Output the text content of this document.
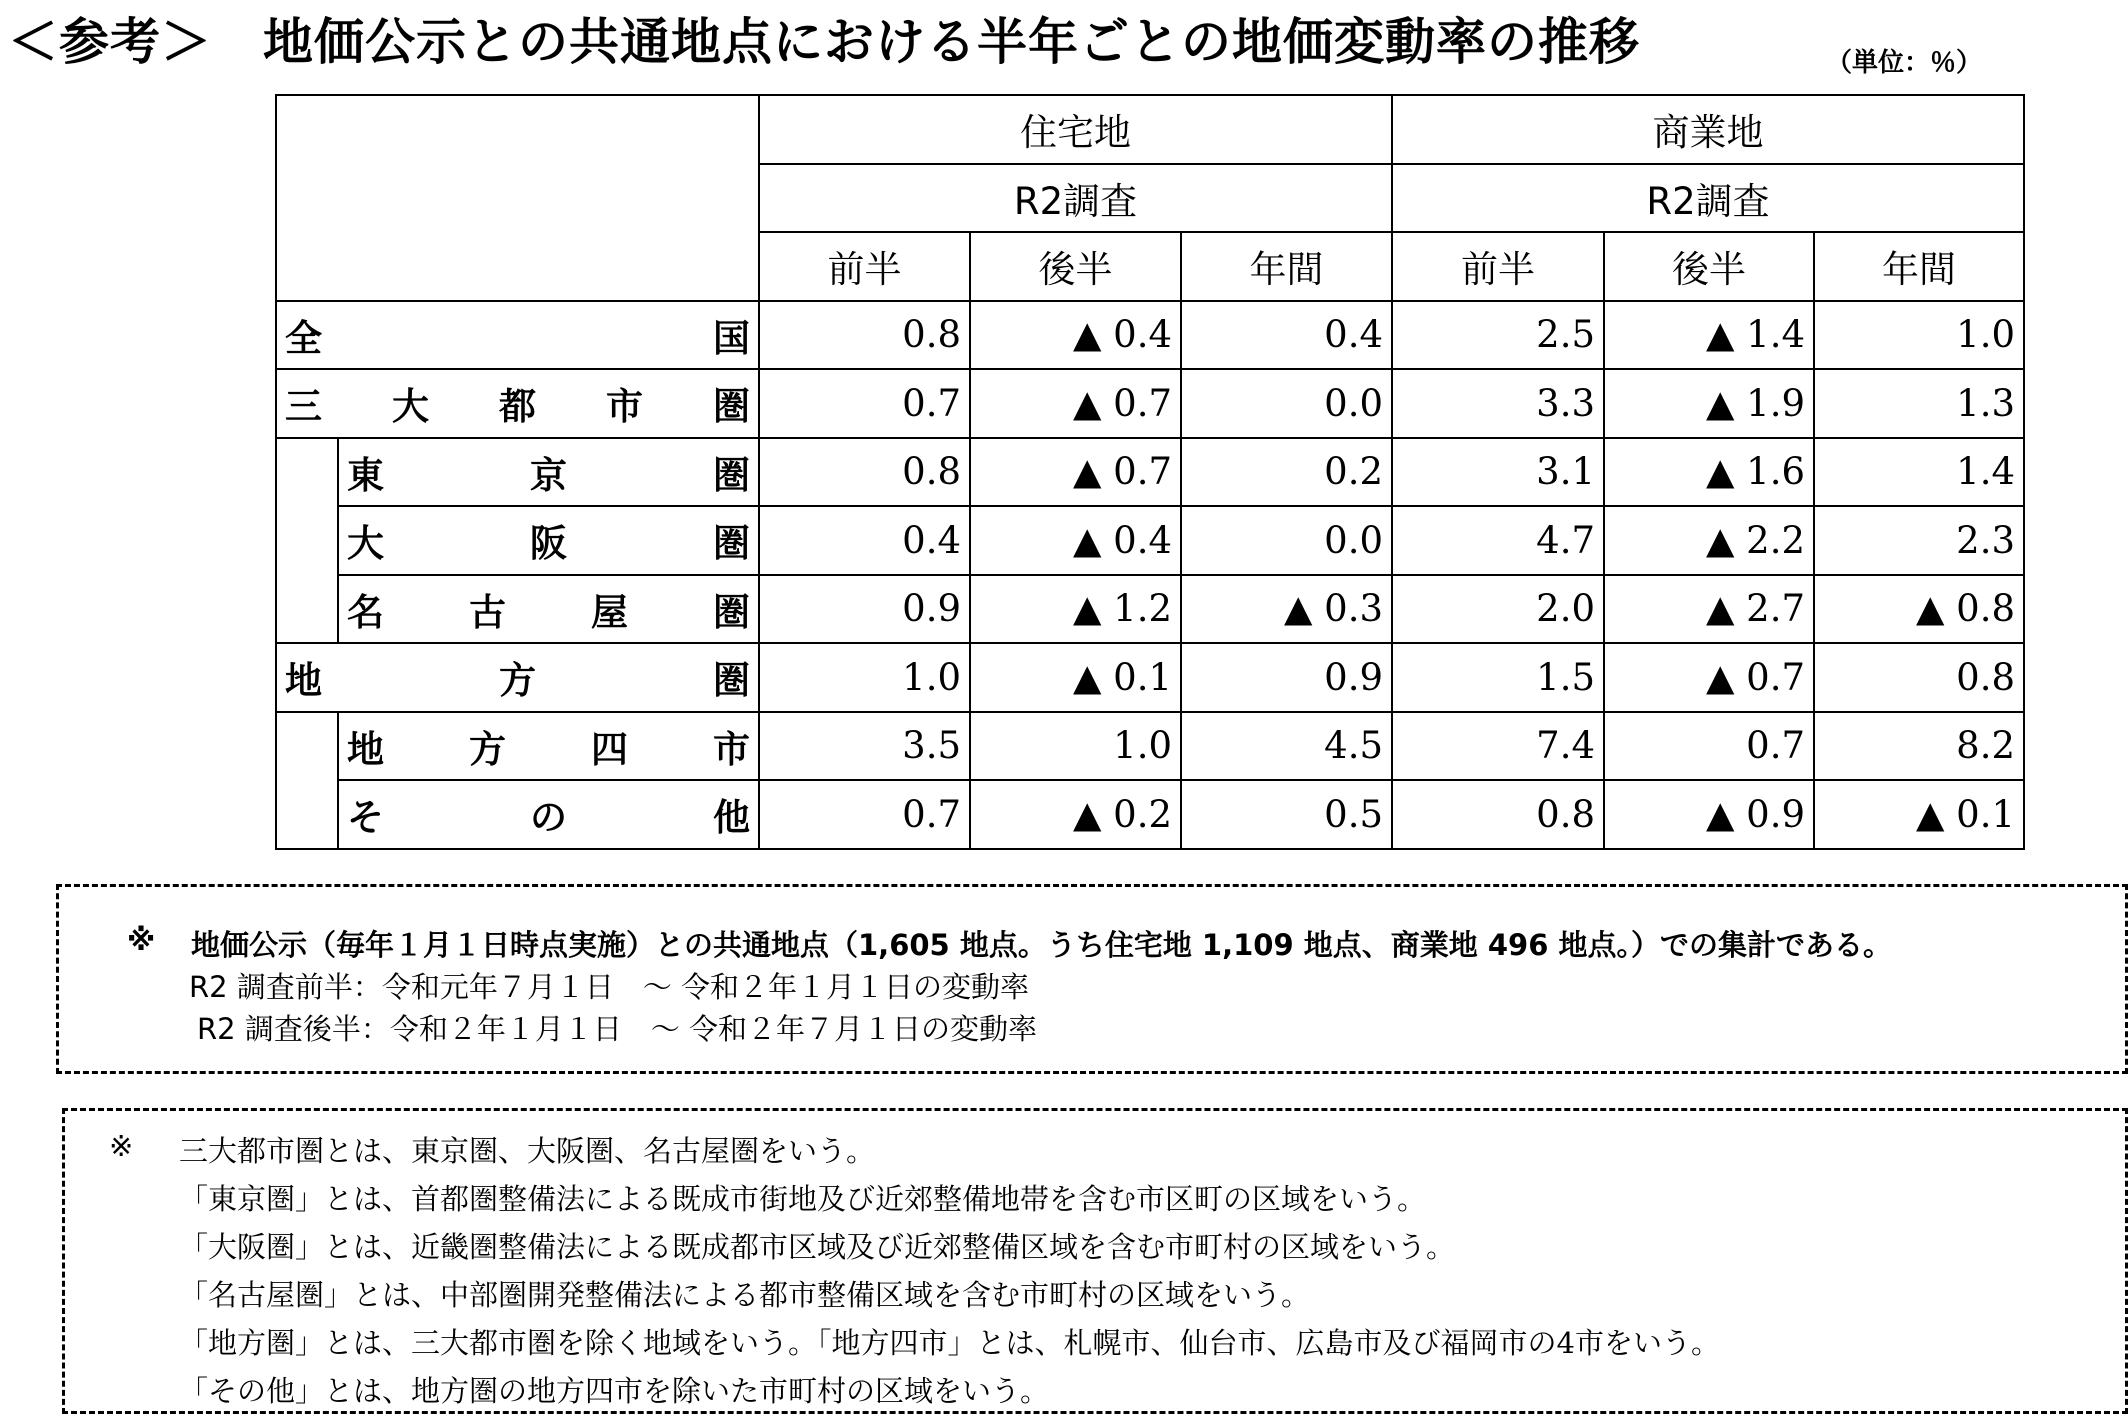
＜参考＞　地価公示との共通地点における半年ごとの地価変動率の推移	（単位：％）
		住宅地			商業地		
		R2調査			R2調査		
		前半	後半	年間	前半	後半	年間

全 国		0.8	▲ 0.4	0.4	2.5	▲ 1.4	1.0

三 大 都 市 圏		0.7	▲ 0.7	0.0	3.3	▲ 1.9	1.3

	東 京 圏	0.8	▲ 0.7	0.2	3.1	▲ 1.6	1.4

	大 阪 圏	0.4	▲ 0.4	0.0	4.7	▲ 2.2	2.3

	名 古 屋 圏	0.9	▲ 1.2	▲ 0.3	2.0	▲ 2.7	▲ 0.8

地 方 圏		1.0	▲ 0.1	0.9	1.5	▲ 0.7	0.8

	地 方 四 市	3.5	1.0	4.5	7.4	0.7	8.2

	そ の 他	0.7	▲ 0.2	0.5	0.8	▲ 0.9	▲ 0.1
※ 地価公示（毎年１月１日時点実施）との共通地点（1,605 地点。うち住宅地 1,109 地点、商業地 496 地点。）での集計である。
R2 調査前半：令和元年７月１日　～ 令和２年１月１日の変動率
R2 調査後半：令和２年１月１日　～ 令和２年７月１日の変動率
※ 三大都市圏とは、東京圏、大阪圏、名古屋圏をいう。
「東京圏」とは、首都圏整備法による既成市街地及び近郊整備地帯を含む市区町の区域をいう。
「大阪圏」とは、近畿圏整備法による既成都市区域及び近郊整備区域を含む市町村の区域をいう。
「名古屋圏」とは、中部圏開発整備法による都市整備区域を含む市町村の区域をいう。
「地方圏」とは、三大都市圏を除く地域をいう。「地方四市」とは、札幌市、仙台市、広島市及び福岡市の4市をいう。
「その他」とは、地方圏の地方四市を除いた市町村の区域をいう。
